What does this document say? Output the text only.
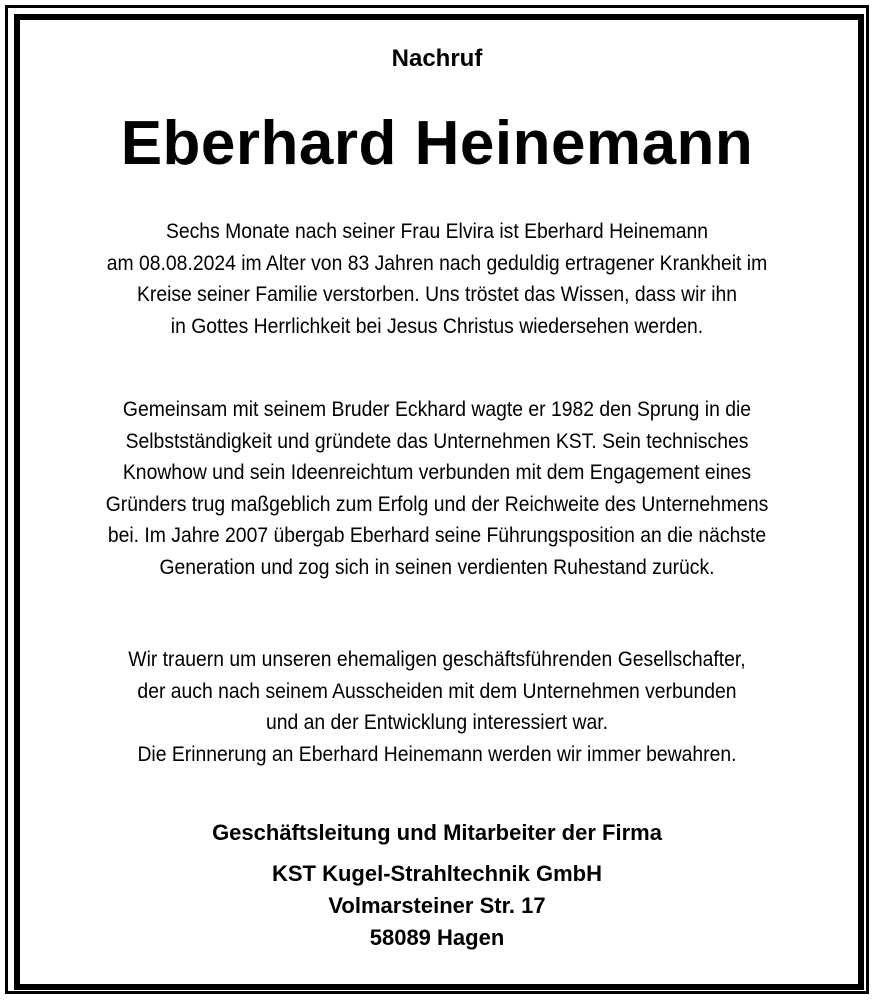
Nachruf
Eberhard Heinemann
Sechs Monate nach seiner Frau Elvira ist Eberhard Heinemann
am 08.08.2024 im Alter von 83 Jahren nach geduldig ertragener Krankheit im
Kreise seiner Familie verstorben. Uns tröstet das Wissen, dass wir ihn
in Gottes Herrlichkeit bei Jesus Christus wiedersehen werden.
Gemeinsam mit seinem Bruder Eckhard wagte er 1982 den Sprung in die
Selbstständigkeit und gründete das Unternehmen KST. Sein technisches
Knowhow und sein Ideenreichtum verbunden mit dem Engagement eines
Gründers trug maßgeblich zum Erfolg und der Reichweite des Unternehmens
bei. Im Jahre 2007 übergab Eberhard seine Führungsposition an die nächste
Generation und zog sich in seinen verdienten Ruhestand zurück.
Wir trauern um unseren ehemaligen geschäftsführenden Gesellschafter,
der auch nach seinem Ausscheiden mit dem Unternehmen verbunden
und an der Entwicklung interessiert war.
Die Erinnerung an Eberhard Heinemann werden wir immer bewahren.
Geschäftsleitung und Mitarbeiter der Firma
KST Kugel-Strahltechnik GmbH
Volmarsteiner Str. 17
58089 Hagen
